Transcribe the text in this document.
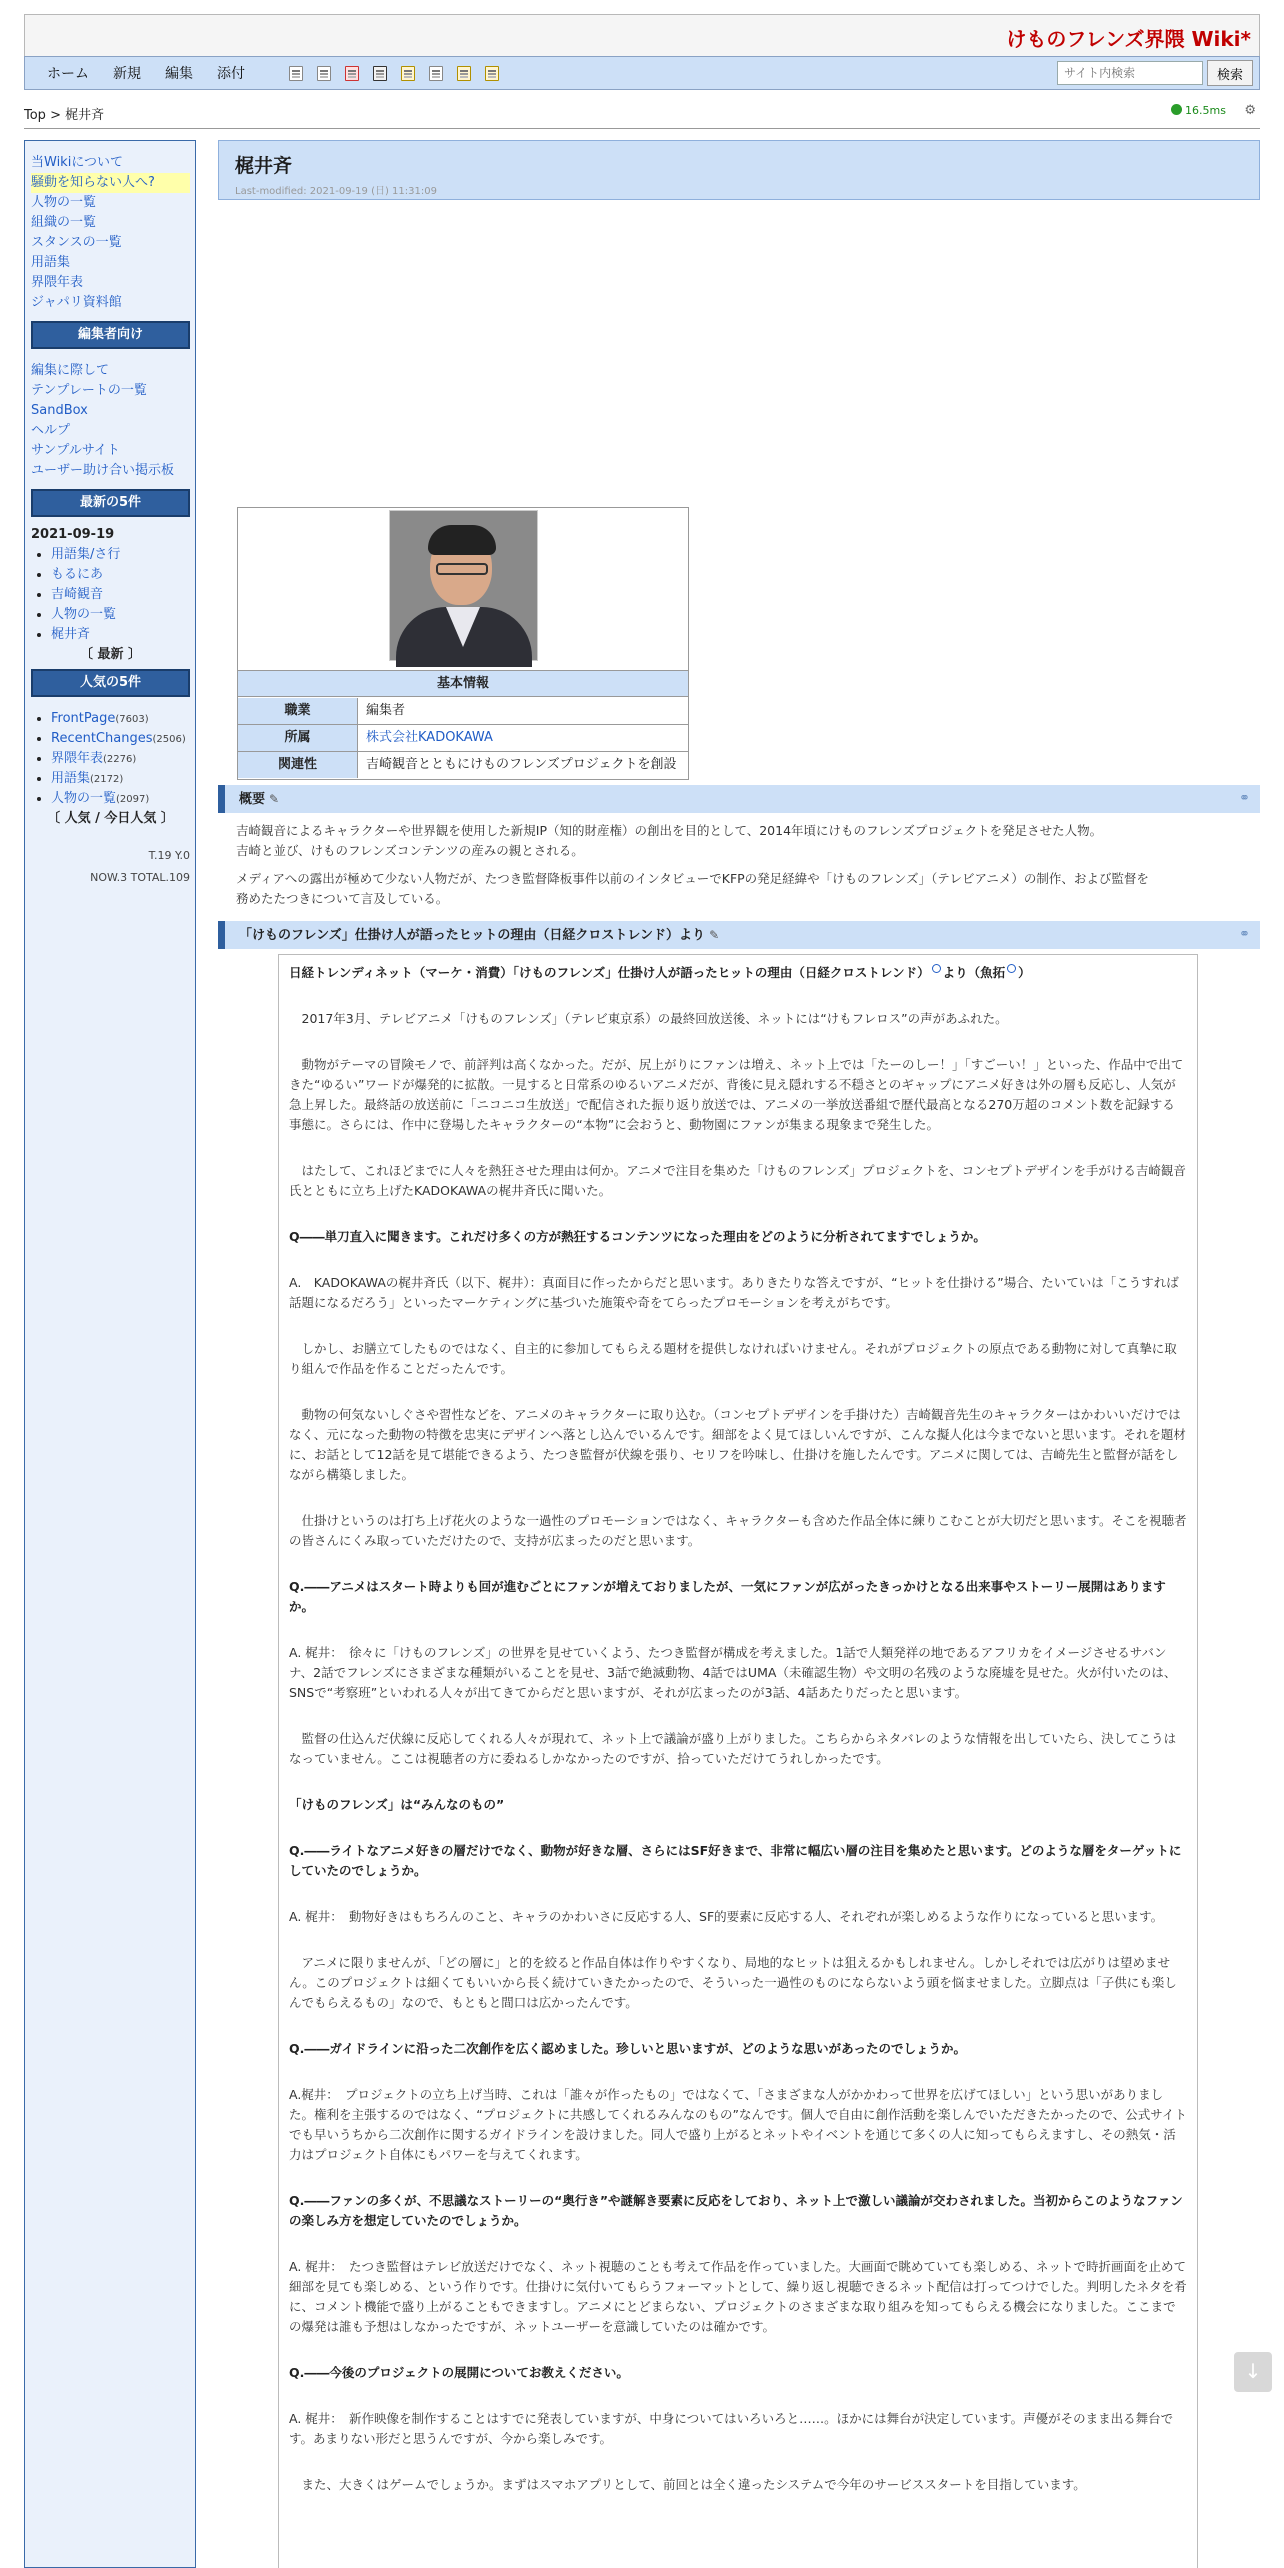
けものフレンズ界隈 Wiki*
ホーム	新規	編集	添付
サイト内検索	検索
Top > 梶井斉	16.5ms ⚙
当Wikiについて
騒動を知らない人へ?
人物の一覧
組織の一覧
スタンスの一覧
用語集
界隈年表
ジャパリ資料館
編集者向け
編集に際して
テンプレートの一覧
SandBox
ヘルプ
サンプルサイト
ユーザー助け合い掲示板
最新の5件
2021-09-19
• 用語集/さ行
• もるにあ
• 吉崎観音
• 人物の一覧
• 梶井斉
〔 最新 〕
人気の5件
• FrontPage(7603)
• RecentChanges(2506)
• 界隈年表(2276)
• 用語集(2172)
• 人物の一覧(2097)
〔 人気 / 今日人気 〕
T.19 Y.0
NOW.3 TOTAL.109
梶井斉
Last-modified: 2021-09-19 (日) 11:31:09
基本情報
職業	編集者
所属	株式会社KADOKAWA
関連性	吉崎観音とともにけものフレンズプロジェクトを創設
概要 ✎	⚭
吉崎観音によるキャラクターや世界観を使用した新規IP（知的財産権）の創出を目的として、2014年頃にけものフレンズプロジェクトを発足させた人物。
吉崎と並び、けものフレンズコンテンツの産みの親とされる。
メディアへの露出が極めて少ない人物だが、たつき監督降板事件以前のインタビューでKFPの発足経緯や「けものフレンズ」（テレビアニメ）の制作、および監督を
務めたたつきについて言及している。
「けものフレンズ」仕掛け人が語ったヒットの理由（日経クロストレンド）より ✎	⚭
日経トレンディネット（マーケ・消費）「けものフレンズ」仕掛け人が語ったヒットの理由（日経クロストレンド） より（魚拓 ）
　2017年3月、テレビアニメ「けものフレンズ」（テレビ東京系）の最終回放送後、ネットには“けもフレロス”の声があふれた。
　動物がテーマの冒険モノで、前評判は高くなかった。だが、尻上がりにファンは増え、ネット上では「たーのしー！」「すごーい！」といった、作品中で出てきた“ゆるい”ワードが爆発的に拡散。一見すると日常系のゆるいアニメだが、背後に見え隠れする不穏さとのギャップにアニメ好きは外の層も反応し、人気が急上昇した。最終話の放送前に「ニコニコ生放送」で配信された振り返り放送では、アニメの一挙放送番組で歴代最高となる270万超のコメント数を記録する事態に。さらには、作中に登場したキャラクターの“本物”に会おうと、動物園にファンが集まる現象まで発生した。
　はたして、これほどまでに人々を熱狂させた理由は何か。アニメで注目を集めた「けものフレンズ」プロジェクトを、コンセプトデザインを手がける吉崎観音氏とともに立ち上げたKADOKAWAの梶井斉氏に聞いた。
Q――単刀直入に聞きます。これだけ多くの方が熱狂するコンテンツになった理由をどのように分析されてますでしょうか。
A.　KADOKAWAの梶井斉氏（以下、梶井）：真面目に作ったからだと思います。ありきたりな答えですが、“ヒットを仕掛ける”場合、たいていは「こうすれば話題になるだろう」といったマーケティングに基づいた施策や奇をてらったプロモーションを考えがちです。
　しかし、お膳立てしたものではなく、自主的に参加してもらえる題材を提供しなければいけません。それがプロジェクトの原点である動物に対して真摯に取り組んで作品を作ることだったんです。
　動物の何気ないしぐさや習性などを、アニメのキャラクターに取り込む。（コンセプトデザインを手掛けた）吉崎観音先生のキャラクターはかわいいだけではなく、元になった動物の特徴を忠実にデザインへ落とし込んでいるんです。細部をよく見てほしいんですが、こんな擬人化は今までないと思います。それを題材に、お話として12話を見て堪能できるよう、たつき監督が伏線を張り、セリフを吟味し、仕掛けを施したんです。アニメに関しては、吉崎先生と監督が話をしながら構築しました。
　仕掛けというのは打ち上げ花火のような一過性のプロモーションではなく、キャラクターも含めた作品全体に練りこむことが大切だと思います。そこを視聴者の皆さんにくみ取っていただけたので、支持が広まったのだと思います。
Q.――アニメはスタート時よりも回が進むごとにファンが増えておりましたが、一気にファンが広がったきっかけとなる出来事やストーリー展開はありますか。
A. 梶井：　徐々に「けものフレンズ」の世界を見せていくよう、たつき監督が構成を考えました。1話で人類発祥の地であるアフリカをイメージさせるサバンナ、2話でフレンズにさまざまな種類がいることを見せ、3話で絶滅動物、4話ではUMA（未確認生物）や文明の名残のような廃墟を見せた。火が付いたのは、SNSで“考察班”といわれる人々が出てきてからだと思いますが、それが広まったのが3話、4話あたりだったと思います。
　監督の仕込んだ伏線に反応してくれる人々が現れて、ネット上で議論が盛り上がりました。こちらからネタバレのような情報を出していたら、決してこうはなっていません。ここは視聴者の方に委ねるしかなかったのですが、拾っていただけてうれしかったです。
「けものフレンズ」は“みんなのもの”
Q.――ライトなアニメ好きの層だけでなく、動物が好きな層、さらにはSF好きまで、非常に幅広い層の注目を集めたと思います。どのような層をターゲットにしていたのでしょうか。
A. 梶井：　動物好きはもちろんのこと、キャラのかわいさに反応する人、SF的要素に反応する人、それぞれが楽しめるような作りになっていると思います。
　アニメに限りませんが、「どの層に」と的を絞ると作品自体は作りやすくなり、局地的なヒットは狙えるかもしれません。しかしそれでは広がりは望めません。このプロジェクトは細くてもいいから長く続けていきたかったので、そういった一過性のものにならないよう頭を悩ませました。立脚点は「子供にも楽しんでもらえるもの」なので、もともと間口は広かったんです。
Q.――ガイドラインに沿った二次創作を広く認めました。珍しいと思いますが、どのような思いがあったのでしょうか。
A.梶井：　プロジェクトの立ち上げ当時、これは「誰々が作ったもの」ではなくて、「さまざまな人がかかわって世界を広げてほしい」という思いがありました。権利を主張するのではなく、“プロジェクトに共感してくれるみんなのもの”なんです。個人で自由に創作活動を楽しんでいただきたかったので、公式サイトでも早いうちから二次創作に関するガイドラインを設けました。同人で盛り上がるとネットやイベントを通じて多くの人に知ってもらえますし、その熱気・活力はプロジェクト自体にもパワーを与えてくれます。
Q.――ファンの多くが、不思議なストーリーの“奥行き”や謎解き要素に反応をしており、ネット上で激しい議論が交わされました。当初からこのようなファンの楽しみ方を想定していたのでしょうか。
A. 梶井：　たつき監督はテレビ放送だけでなく、ネット視聴のことも考えて作品を作っていました。大画面で眺めていても楽しめる、ネットで時折画面を止めて細部を見ても楽しめる、という作りです。仕掛けに気付いてもらうフォーマットとして、繰り返し視聴できるネット配信は打ってつけでした。判明したネタを肴に、コメント機能で盛り上がることもできますし。アニメにとどまらない、プロジェクトのさまざまな取り組みを知ってもらえる機会になりました。ここまでの爆発は誰も予想はしなかったですが、ネットユーザーを意識していたのは確かです。
Q.――今後のプロジェクトの展開についてお教えください。
A. 梶井：　新作映像を制作することはすでに発表していますが、中身についてはいろいろと……。ほかには舞台が決定しています。声優がそのまま出る舞台です。あまりない形だと思うんですが、今から楽しみです。
　また、大きくはゲームでしょうか。まずはスマホアプリとして、前回とは全く違ったシステムで今年のサービススタートを目指しています。
↓
